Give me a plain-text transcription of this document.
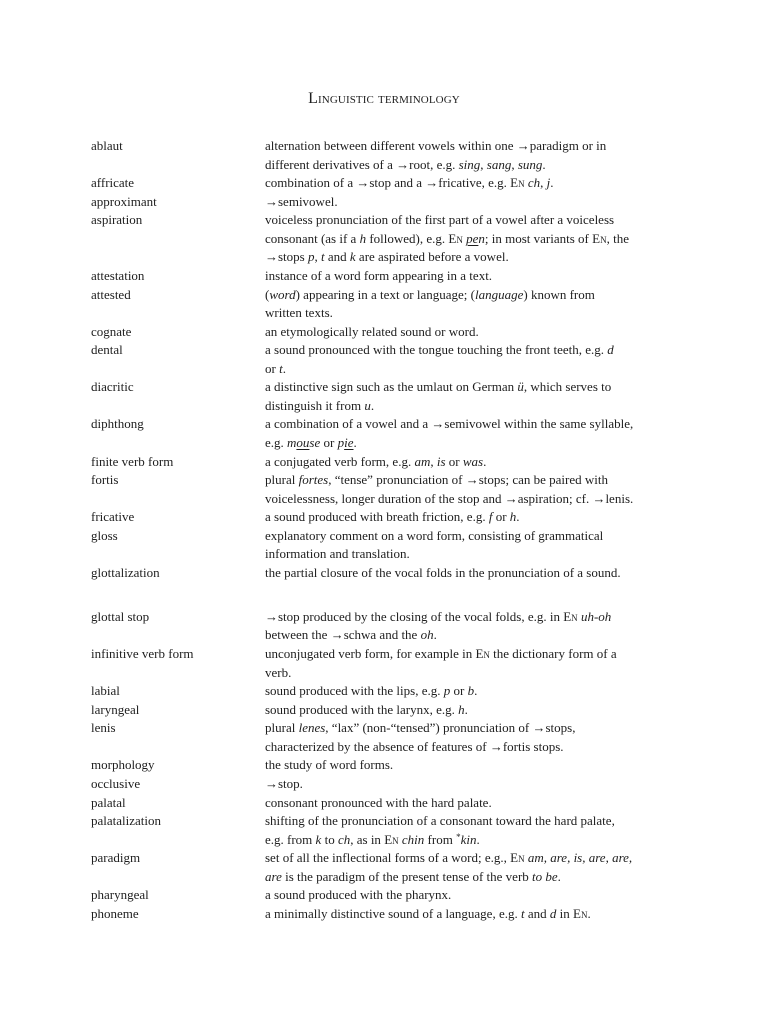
Linguistic terminology
ablaut	alternation between different vowels within one →paradigm or in
different derivatives of a →root, e.g. sing, sang, sung.
affricate	combination of a →stop and a →fricative, e.g. En ch, j.
approximant	→semivowel.
aspiration	voiceless pronunciation of the first part of a vowel after a voiceless
consonant (as if a h followed), e.g. En pen; in most variants of En, the
→stops p, t and k are aspirated before a vowel.
attestation	instance of a word form appearing in a text.
attested	(word) appearing in a text or language; (language) known from
written texts.
cognate	an etymologically related sound or word.
dental	a sound pronounced with the tongue touching the front teeth, e.g. d
or t.
diacritic	a distinctive sign such as the umlaut on German ü, which serves to
distinguish it from u.
diphthong	a combination of a vowel and a →semivowel within the same syllable,
e.g. mouse or pie.
finite verb form	a conjugated verb form, e.g. am, is or was.
fortis	plural fortes, “tense” pronunciation of →stops; can be paired with
voicelessness, longer duration of the stop and →aspiration; cf. →lenis.
fricative	a sound produced with breath friction, e.g. f or h.
gloss	explanatory comment on a word form, consisting of grammatical
information and translation.
glottalization	the partial closure of the vocal folds in the pronunciation of a sound.
glottal stop	→stop produced by the closing of the vocal folds, e.g. in En uh-oh
between the →schwa and the oh.
infinitive verb form	unconjugated verb form, for example in En the dictionary form of a
verb.
labial	sound produced with the lips, e.g. p or b.
laryngeal	sound produced with the larynx, e.g. h.
lenis	plural lenes, “lax” (non-“tensed”) pronunciation of →stops,
characterized by the absence of features of →fortis stops.
morphology	the study of word forms.
occlusive	→stop.
palatal	consonant pronounced with the hard palate.
palatalization	shifting of the pronunciation of a consonant toward the hard palate,
e.g. from k to ch, as in En chin from *kin.
paradigm	set of all the inflectional forms of a word; e.g., En am, are, is, are, are,
are is the paradigm of the present tense of the verb to be.
pharyngeal	a sound produced with the pharynx.
phoneme	a minimally distinctive sound of a language, e.g. t and d in En.
